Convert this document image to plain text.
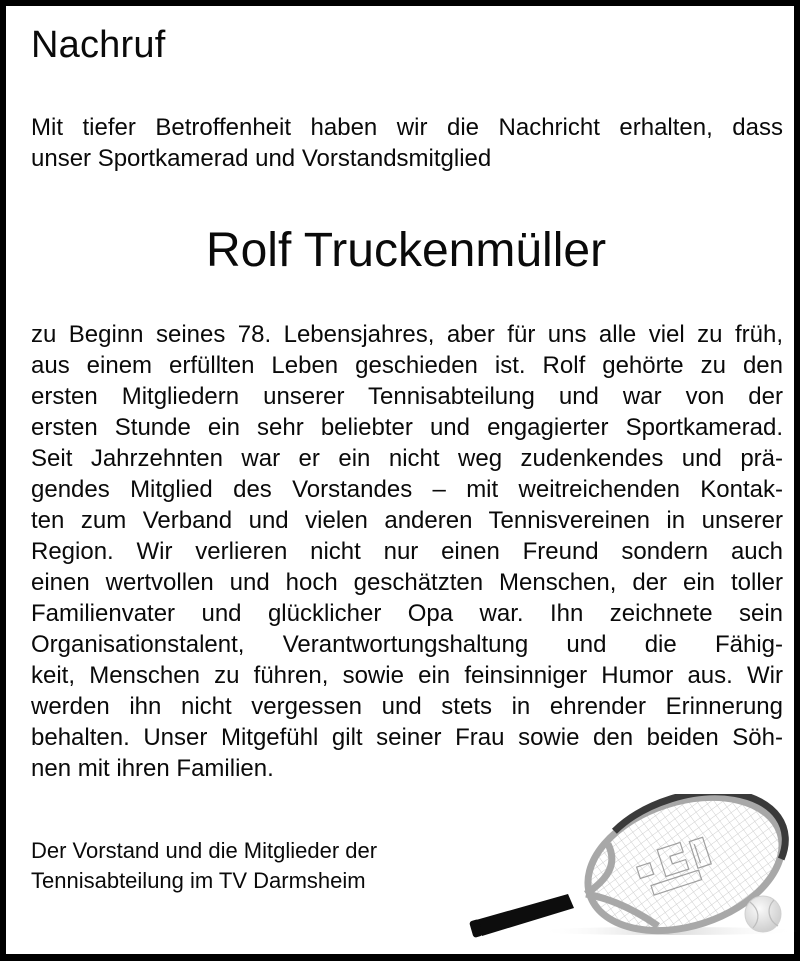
Nachruf

Mit tiefer Betroffenheit haben wir die Nachricht erhalten, dass
unser Sportkamerad und Vorstandsmitglied

Rolf Truckenmüller

zu Beginn seines 78. Lebensjahres, aber für uns alle viel zu früh,
aus einem erfüllten Leben geschieden ist. Rolf gehörte zu den
ersten Mitgliedern unserer Tennisabteilung und war von der
ersten Stunde ein sehr beliebter und engagierter Sportkamerad.
Seit Jahrzehnten war er ein nicht weg zudenkendes und prä-
gendes Mitglied des Vorstandes – mit weitreichenden Kontak-
ten zum Verband und vielen anderen Tennisvereinen in unserer
Region. Wir verlieren nicht nur einen Freund sondern auch
einen wertvollen und hoch geschätzten Menschen, der ein toller
Familienvater und glücklicher Opa war. Ihn zeichnete sein
Organisationstalent, Verantwortungshaltung und die Fähig-
keit, Menschen zu führen, sowie ein feinsinniger Humor aus. Wir
werden ihn nicht vergessen und stets in ehrender Erinnerung
behalten. Unser Mitgefühl gilt seiner Frau sowie den beiden Söh-
nen mit ihren Familien.

Der Vorstand und die Mitglieder der
Tennisabteilung im TV Darmsheim
